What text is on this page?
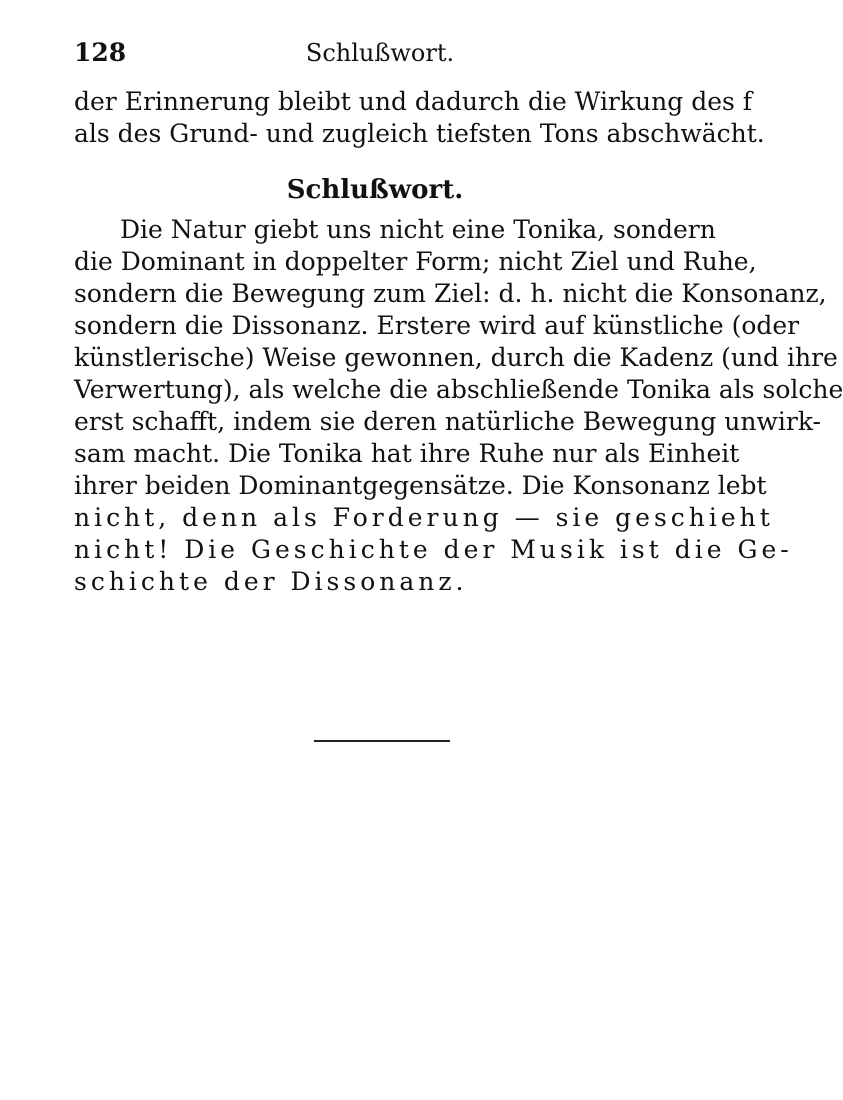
128	Schlußwort.
der Erinnerung bleibt und dadurch die Wirkung des f
als des Grund- und zugleich tiefsten Tons abschwächt.
Schlußwort.
Die Natur giebt uns nicht eine Tonika, sondern
die Dominant in doppelter Form; nicht Ziel und Ruhe,
sondern die Bewegung zum Ziel: d. h. nicht die Konsonanz,
sondern die Dissonanz. Erstere wird auf künstliche (oder
künstlerische) Weise gewonnen, durch die Kadenz (und ihre
Verwertung), als welche die abschließende Tonika als solche
erst schafft, indem sie deren natürliche Bewegung unwirk-
sam macht. Die Tonika hat ihre Ruhe nur als Einheit
ihrer beiden Dominantgegensätze. Die Konsonanz lebt
nicht, denn als Forderung — sie geschieht
nicht! Die Geschichte der Musik ist die Ge-
schichte der Dissonanz.
